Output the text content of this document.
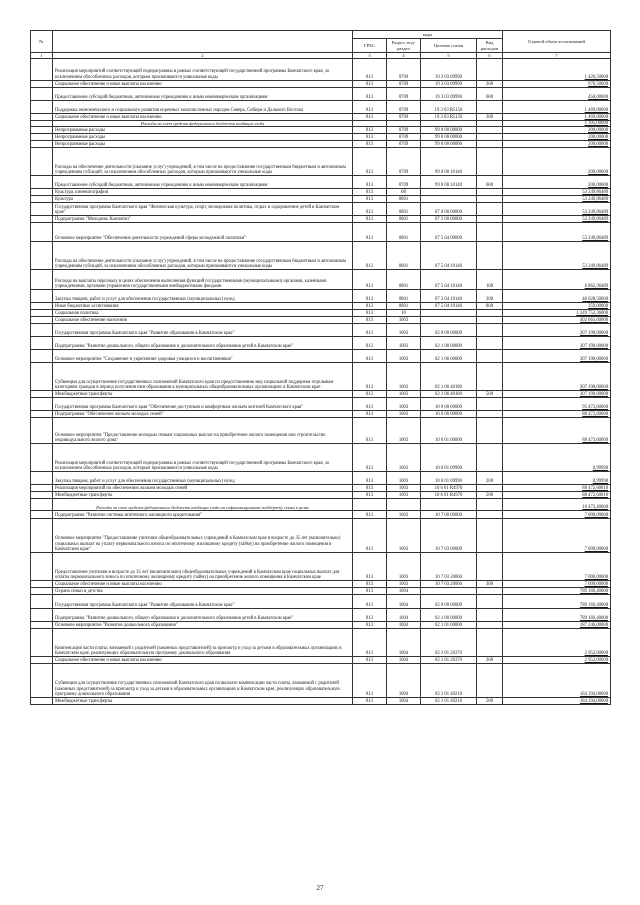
№		коды				Годовой объем ассигнований
		ГРБС	Раздел, под-раздел	Целевая статья	Вид расходов	
1	2	3	4	5	6	7
	Реализация мероприятий соответствующей подпрограммы в рамках соответствующей государственной программы Камчатского края, за исключением обособленных расходов, которым присваиваются уникальные коды	813	0709	19 3 03 09990		1 426,50000
	Социальное обеспечение и иные выплаты населению	813	0709	19 3 03 09990	300	976,50000
	Предоставление субсидий бюджетным, автономным учреждениям и иным некоммерческим организациям	813	0709	19 3 03 09990	600	450,00000
	Поддержка экономического и социального развития коренных малочисленных народов Севера, Сибири и Дальнего Востока	813	0709	19 3 03 R5150		1 469,00000
	Социальное обеспечение и иные выплаты населению	813	0709	19 3 03 R5150	300	1 469,00000
	Расходы за счет средств федерального бюджета входящих сюда					1 395,00000
	Непрограммные расходы	813	0709	99 0 00 00000		200,00000
	Непрограммные расходы	813	0709	99 0 00 00000		200,00000
	Непрограммные расходы	813	0709	99 0 00 00000		200,00000
	Расходы на обеспечение деятельности (оказание услуг) учреждений, в том числе на предоставление государственным бюджетным и автономным учреждениям субсидий, за исключением обособленных расходов, которым присваиваются уникальные коды	813	0709	99 0 00 10140		200,00000
	Предоставление субсидий бюджетным, автономным учреждениям и иным некоммерческим организациям	813	0709	99 0 00 10140	600	200,00000
	Культура, кинематография	813	08			53 249,86489
	Культура	813	0801			53 249,86489
	Государственная программа Камчатского края "Физическая культура, спорт, молодежная политика, отдых и оздоровление детей в Камчатском крае"	813	0801	07 0 00 00000		53 249,86489
	Подпрограмма "Молодежь Камчатки"	813	0801	07 5 00 00000		53 249,86489
	Основное мероприятие "Обеспечение деятельности учреждений сферы молодежной политики"	813	0801	07 5 04 00000		53 249,86489
	Расходы на обеспечение деятельности (оказание услуг) учреждений, в том числе на предоставление государственным бюджетным и автономным учреждениям субсидий, за исключением обособленных расходов, которым присваиваются уникальные коды	813	0801	07 5 04 10140		53 249,86489
	Расходы на выплаты персоналу в целях обеспечения выполнения функций государственными (муниципальными) органами, казенными учреждениями, органами управления государственными внебюджетными фондами	813	0801	07 5 04 10140	100	6 862,36489
	Закупка товаров, работ и услуг для обеспечения государственных (муниципальных) нужд	813	0801	07 5 04 10140	200	46 028,50000
	Иные бюджетные ассигнования	813	0801	07 5 04 10140	800	359,00000
	Социальная политика	813	10			1 249 752,36000
	Социальное обеспечение населения	813	1003			402 663,60000
	Государственная программа Камчатского края "Развитие образования в Камчатском крае"	813	1003	02 0 00 00000		307 190,00000
	Подпрограмма "Развитие дошкольного, общего образования и дополнительного образования детей в Камчатском крае"	813	1003	02 1 00 00000		307 190,00000
	Основное мероприятие "Сохранение и укрепление здоровья учащихся и воспитанников"	813	1003	02 1 06 00000		307 190,00000
	Субвенции для осуществления государственных полномочий Камчатского края по предоставлению мер социальной поддержки отдельным категориям граждан в период получения ими образования в муниципальных общеобразовательных организациях в Камчатском крае	813	1003	02 1 06 40180		307 190,00000
	Межбюджетные трансферты	813	1003	02 1 06 40180	500	307 190,00000
	Государственная программа Камчатского края "Обеспечение доступным и комфортным жильем жителей Камчатского края"	813	1003	10 0 00 00000		95 473,60000
	Подпрограмма "Обеспечение жильем молодых семей"	813	1003	10 6 00 00000		88 473,60000
	Основное мероприятие "Предоставление молодым семьям социальных выплат на приобретение жилого помещения или строительство индивидуального жилого дома"	813	1003	10 6 01 00000		88 473,60000
	Реализация мероприятий соответствующей подпрограммы в рамках соответствующей государственной программы Камчатского края, за исключением обособленных расходов, которым присваиваются уникальные коды	813	1003	10 6 01 09990		0,99990
	Закупка товаров, работ и услуг для обеспечения государственных (муниципальных) нужд	813	1003	10 6 01 09990	200	0,99990
	Реализация мероприятий по обеспечению жильем молодых семей	813	1003	10 6 01 R4970		88 472,60010
	Межбюджетные трансферты	813	1003	10 6 01 R4970	500	88 472,60010
	Расходы за счет средств федерального бюджета входящих сюда на софинансирование поддержку семьи в целях					16 473,40000
	Подпрограмма "Развитие системы ипотечного жилищного кредитования"	813	1003	10 7 00 00000		7 000,00000
	Основное мероприятие "Предоставление учителям общеобразовательных учреждений в Камчатском крае в возрасте до 35 лет (включительно) социальных выплат на уплату первоначального взноса по ипотечному жилищному кредиту (займу) на приобретение жилого помещения в Камчатском крае"	813	1003	10 7 03 00000		7 000,00000
	Предоставление учителям в возрасте до 35 лет (включительно) общеобразовательных учреждений в Камчатском крае социальных выплат для оплаты первоначального взноса по ипотечному жилищному кредиту (займу) на приобретение жилого помещения в Камчатском крае	813	1003	10 7 03 20060		7 000,00000
	Социальное обеспечение и иные выплаты населению	813	1003	10 7 03 20060	300	7 000,00000
	Охрана семьи и детства	813	1004			789 169,40000
	Государственная программа Камчатского края "Развитие образования в Камчатском крае"	813	1004	02 0 00 00000		789 169,40000
	Подпрограмма "Развитие дошкольного, общего образования и дополнительного образования детей в Камчатском крае"	813	1004	02 1 00 00000		789 169,40000
	Основное мероприятие "Развитие дошкольного образования"	813	1004	02 1 01 00000		187 246,00000
	Компенсация части платы, взимаемой с родителей (законных представителей) за присмотр и уход за детьми в образовательных организациях в Камчатском крае, реализующих образовательную программу дошкольного образования	813	1004	02 1 01 20370		2 952,00000
	Социальное обеспечение и иные выплаты населению	813	1004	02 1 01 20370	300	2 952,00000
	Субвенции для осуществления государственных полномочий Камчатского края по выплате компенсации части платы, взимаемой с родителей (законных представителей) за присмотр и уход за детьми в образовательных организациях в Камчатском крае, реализующих образовательную программу дошкольного образования	813	1004	02 1 01 40210		184 294,00000
	Межбюджетные трансферты	813	1004	02 1 01 40210	500	184 294,00000
27
